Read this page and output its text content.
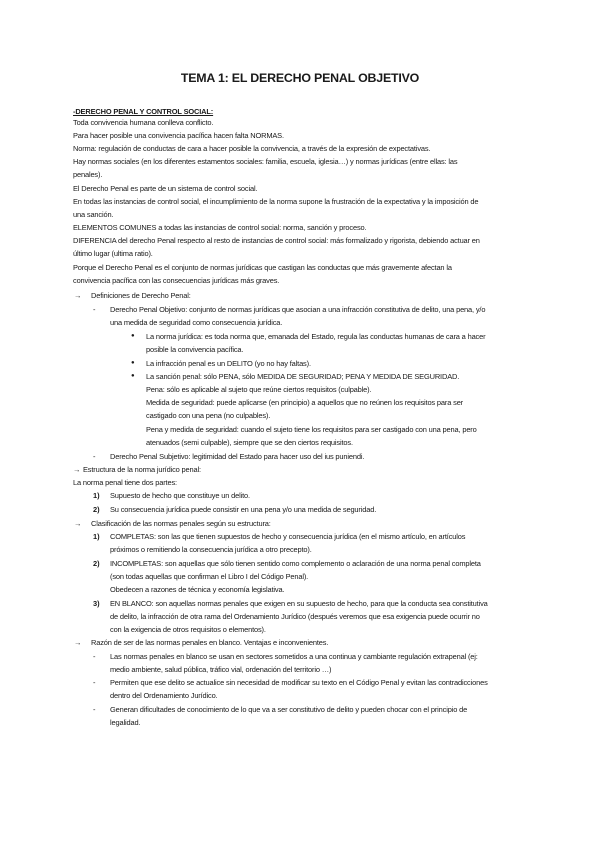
TEMA 1: EL DERECHO PENAL OBJETIVO
-DERECHO PENAL Y CONTROL SOCIAL:
Toda convivencia humana conlleva conflicto.
Para hacer posible una convivencia pacífica hacen falta NORMAS.
Norma: regulación de conductas de cara a hacer posible la convivencia, a través de la expresión de expectativas.
Hay normas sociales (en los diferentes estamentos sociales: familia, escuela, iglesia…) y normas jurídicas (entre ellas: las
penales).
El Derecho Penal es parte de un sistema de control social.
En todas las instancias de control social, el incumplimiento de la norma supone la frustración de la expectativa y la imposición de
una sanción.
ELEMENTOS COMUNES a todas las instancias de control social: norma, sanción y proceso.
DIFERENCIA del derecho Penal respecto al resto de instancias de control social: más formalizado y rigorista, debiendo actuar en
último lugar (ultima ratio).
Porque el Derecho Penal es el conjunto de normas jurídicas que castigan las conductas que más gravemente afectan la
convivencia pacífica con las consecuencias jurídicas más graves.
→ Definiciones de Derecho Penal:
- Derecho Penal Objetivo: conjunto de normas jurídicas que asocian a una infracción constitutiva de delito, una pena, y/o
una medida de seguridad como consecuencia jurídica.
● La norma jurídica: es toda norma que, emanada del Estado, regula las conductas humanas de cara a hacer
posible la convivencia pacífica.
● La infracción penal es un DELITO (yo no hay faltas).
● La sanción penal: sólo PENA, sólo MEDIDA DE SEGURIDAD; PENA Y MEDIDA DE SEGURIDAD.
Pena: sólo es aplicable al sujeto que reúne ciertos requisitos (culpable).
Medida de seguridad: puede aplicarse (en principio) a aquellos que no reúnen los requisitos para ser
castigado con una pena (no culpables).
Pena y medida de seguridad: cuando el sujeto tiene los requisitos para ser castigado con una pena, pero
atenuados (semi culpable), siempre que se den ciertos requisitos.
- Derecho Penal Subjetivo: legitimidad del Estado para hacer uso del ius puniendi.
→ Estructura de la norma jurídico penal:
La norma penal tiene dos partes:
1) Supuesto de hecho que constituye un delito.
2) Su consecuencia jurídica puede consistir en una pena y/o una medida de seguridad.
→ Clasificación de las normas penales según su estructura:
1) COMPLETAS: son las que tienen supuestos de hecho y consecuencia jurídica (en el mismo artículo, en artículos
próximos o remitiendo la consecuencia jurídica a otro precepto).
2) INCOMPLETAS: son aquellas que sólo tienen sentido como complemento o aclaración de una norma penal completa
(son todas aquellas que confirman el Libro I del Código Penal).
Obedecen a razones de técnica y economía legislativa.
3) EN BLANCO: son aquellas normas penales que exigen en su supuesto de hecho, para que la conducta sea constitutiva
de delito, la infracción de otra rama del Ordenamiento Jurídico (después veremos que esa exigencia puede ocurrir no
con la exigencia de otros requisitos o elementos).
→ Razón de ser de las normas penales en blanco. Ventajas e inconvenientes.
- Las normas penales en blanco se usan en sectores sometidos a una continua y cambiante regulación extrapenal (ej:
medio ambiente, salud pública, tráfico vial, ordenación del territorio …)
- Permiten que ese delito se actualice sin necesidad de modificar su texto en el Código Penal y evitan las contradicciones
dentro del Ordenamiento Jurídico.
- Generan dificultades de conocimiento de lo que va a ser constitutivo de delito y pueden chocar con el principio de
legalidad.
